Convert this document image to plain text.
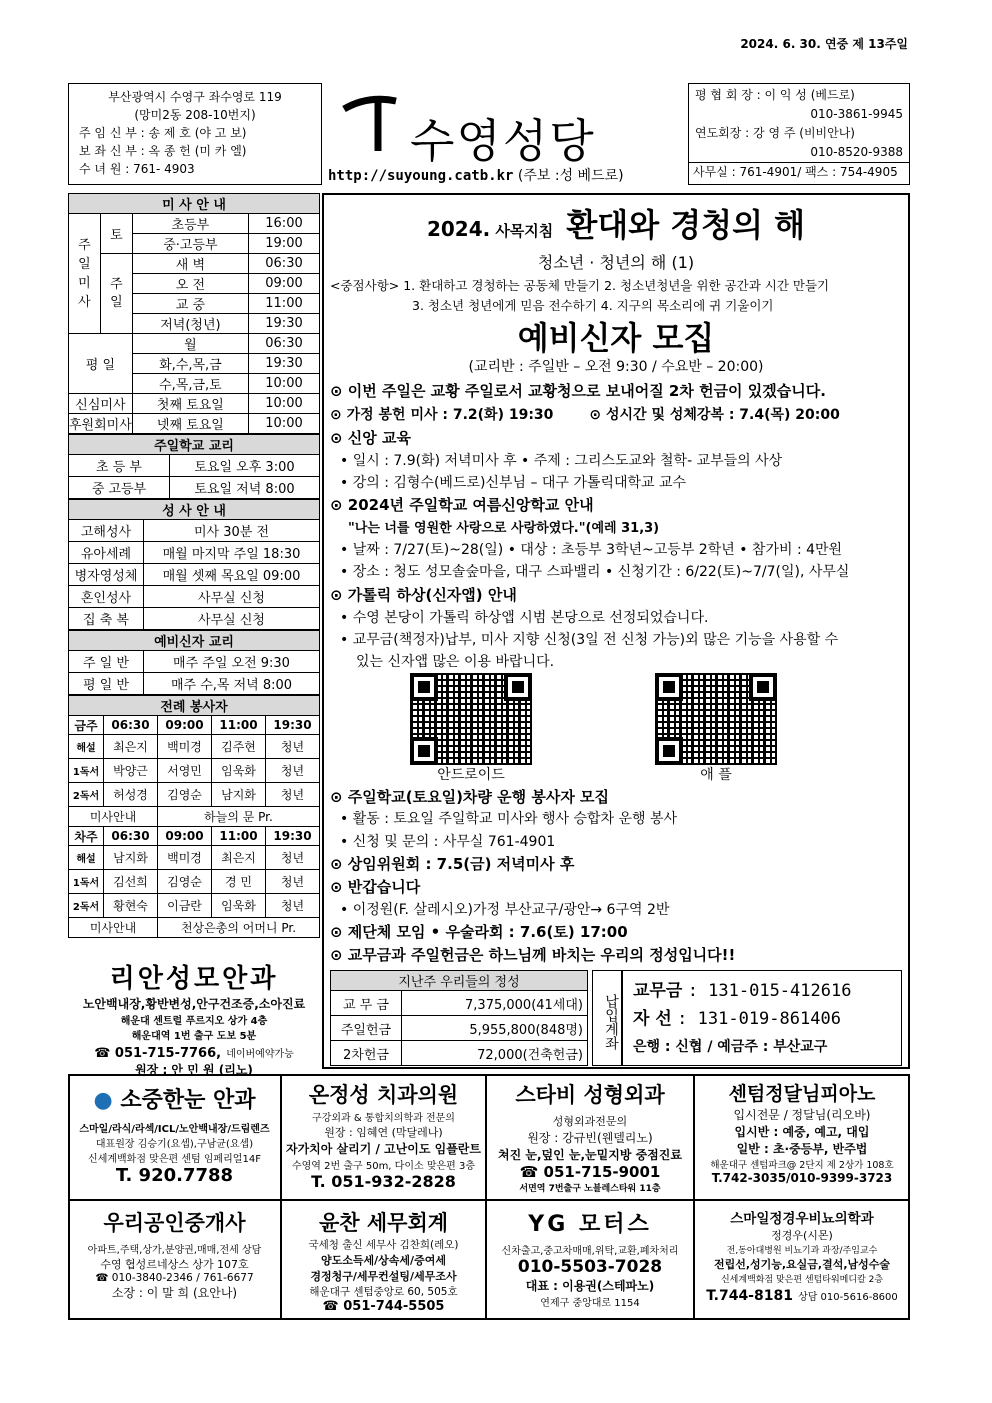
2024. 6. 30. 연중 제 13주일
부산광역시 수영구 좌수영로 119
(망미2동 208-10번지)
주 임 신 부 : 송 제 호 (야 고 보)
보 좌 신 부 : 옥 종 헌 (미 카 엘)
수 녀 원 : 761- 4903
수영성당
http://suyoung.catb.kr (주보 :성 베드로)
평 협 회 장 : 이 익 성 (베드로)
010-3861-9945
연도회장 : 강 영 주 (비비안나)
010-8520-9388
사무실 : 761-4901/ 팩스 : 754-4905
미 사 안 내			
주
일
미
사	토	초등부	16:00
		중·고등부	19:00
	주
일	새 벽	06:30
		오 전	09:00
		교 중	11:00
		저녁(청년)	19:30
평 일		월	06:30
		화,수,목,금	19:30
		수,목,금,토	10:00
신심미사		첫째 토요일	10:00
후원회미사		넷째 토요일	10:00
주일학교 교리	
초 등 부	토요일 오후 3:00
중 고등부	토요일 저녁 8:00
성 사 안 내	
고해성사	미사 30분 전
유아세례	매월 마지막 주일 18:30
병자영성체	매월 셋째 목요일 09:00
혼인성사	사무실 신청
집 축 복	사무실 신청
예비신자 교리	
주 일 반	매주 주일 오전 9:30
평 일 반	매주 수,목 저녁 8:00
전례 봉사자				
금주	06:30	09:00	11:00	19:30
해설	최은지	백미경	김주현	청년
1독서	박양근	서영민	임욱화	청년
2독서	허성경	김영순	남지화	청년
미사안내		하늘의 문 Pr.		
차주	06:30	09:00	11:00	19:30
해설	남지화	백미경	최은지	청년
1독서	김선희	김영순	경 민	청년
2독서	황현숙	이금란	임욱화	청년
미사안내		천상은총의 어머니 Pr.		
리안성모안과
노안백내장,황반변성,안구건조증,소아진료
해운대 센트럴 푸르지오 상가 4층
해운대역 1번 출구 도보 5분
☎ 051-715-7766, 네이버예약가능
원장 : 안 민 원 (리노)
2024. 사목지침 환대와 경청의 해
청소년 · 청년의 해 (1)
<중점사항> 1. 환대하고 경청하는 공동체 만들기 2. 청소년청년을 위한 공간과 시간 만들기
3. 청소년 청년에게 믿음 전수하기 4. 지구의 목소리에 귀 기울이기
예비신자 모집
(교리반 : 주일반 – 오전 9:30 / 수요반 – 20:00)
⊙ 이번 주일은 교황 주일로서 교황청으로 보내어질 2차 헌금이 있겠습니다.
⊙ 가정 봉헌 미사 : 7.2(화) 19:30	⊙ 성시간 및 성체강복 : 7.4(목) 20:00
⊙ 신앙 교육
• 일시 : 7.9(화) 저녁미사 후 • 주제 : 그리스도교와 철학- 교부들의 사상
• 강의 : 김형수(베드로)신부님 – 대구 가톨릭대학교 교수
⊙ 2024년 주일학교 여름신앙학교 안내
"나는 너를 영원한 사랑으로 사랑하였다."(예레 31,3)
• 날짜 : 7/27(토)~28(일) • 대상 : 초등부 3학년~고등부 2학년 • 참가비 : 4만원
• 장소 : 청도 성모솔숲마을, 대구 스파밸리 • 신청기간 : 6/22(토)~7/7(일), 사무실
⊙ 가톨릭 하상(신자앱) 안내
• 수영 본당이 가톨릭 하상앱 시범 본당으로 선정되었습니다.
• 교무금(책정자)납부, 미사 지향 신청(3일 전 신청 가능)외 많은 기능을 사용할 수
있는 신자앱 많은 이용 바랍니다.
안드로이드	애 플
⊙ 주일학교(토요일)차량 운행 봉사자 모집
• 활동 : 토요일 주일학교 미사와 행사 승합차 운행 봉사
• 신청 및 문의 : 사무실 761-4901
⊙ 상임위원회 : 7.5(금) 저녁미사 후
⊙ 반갑습니다
• 이정원(F. 살레시오)가정 부산교구/광안→ 6구역 2반
⊙ 제단체 모임 • 우술라회 : 7.6(토) 17:00
⊙ 교무금과 주일헌금은 하느님께 바치는 우리의 정성입니다!!
지난주 우리들의 정성	
교 무 금	7,375,000(41세대)
주일헌금	5,955,800(848명)
2차헌금	72,000(건축헌금)
납입계좌
교무금 : 131-015-412616
자 선 : 131-019-861406
은행 : 신협 / 예금주 : 부산교구
● 소중한눈 안과
스마일/라식/라섹/ICL/노안백내장/드림렌즈
대표원장 김승기(요셉),구남균(요셉)
신세계백화점 맞은편 센텀 임페리얼14F
T. 920.7788
온정성 치과의원
구강외과 & 통합치의학과 전문의
원장 : 임혜연 (막달레나)
자가치아 살리기 / 고난이도 임플란트
수영역 2번 출구 50m, 다이소 맞은편 3층
T. 051-932-2828
스타비 성형외과
성형외과전문의
원장 : 강규빈(웬델리노)
쳐진 눈,덮인 눈,눈밑지방 중점진료
☎ 051-715-9001
서면역 7번출구 노블레스타워 11층
센텀정달님피아노
입시전문 / 정달님(리오바)
입시반 : 예중, 예고, 대입
일반 : 초·중등부, 반주법
해운대구 센텀파크@ 2단지 제 2상가 108호
T.742-3035/010-9399-3723
우리공인중개사
아파트,주택,상가,분양권,매매,전세 상담
수영 협성르네상스 상가 107호
☎ 010-3840-2346 / 761-6677
소장 : 이 말 희 (요안나)
윤찬 세무회계
국세청 출신 세무사 김찬희(레오)
양도소득세/상속세/증여세
경정청구/세무컨설팅/세무조사
해운대구 센텀중앙로 60, 505호
☎ 051-744-5505
YG 모터스
신차출고,중고차매매,위탁,교환,폐차처리
010-5503-7028
대표 : 이용권(스테파노)
연제구 중앙대로 1154
스마일정경우비뇨의학과
정경우(시몬)
전,동아대병원 비뇨기과 과장/주임교수
전립선,성기능,요실금,결석,남성수술
신세계백화점 맞은편 센텀타워메디칼 2층
T.744-8181 상담 010-5616-8600
